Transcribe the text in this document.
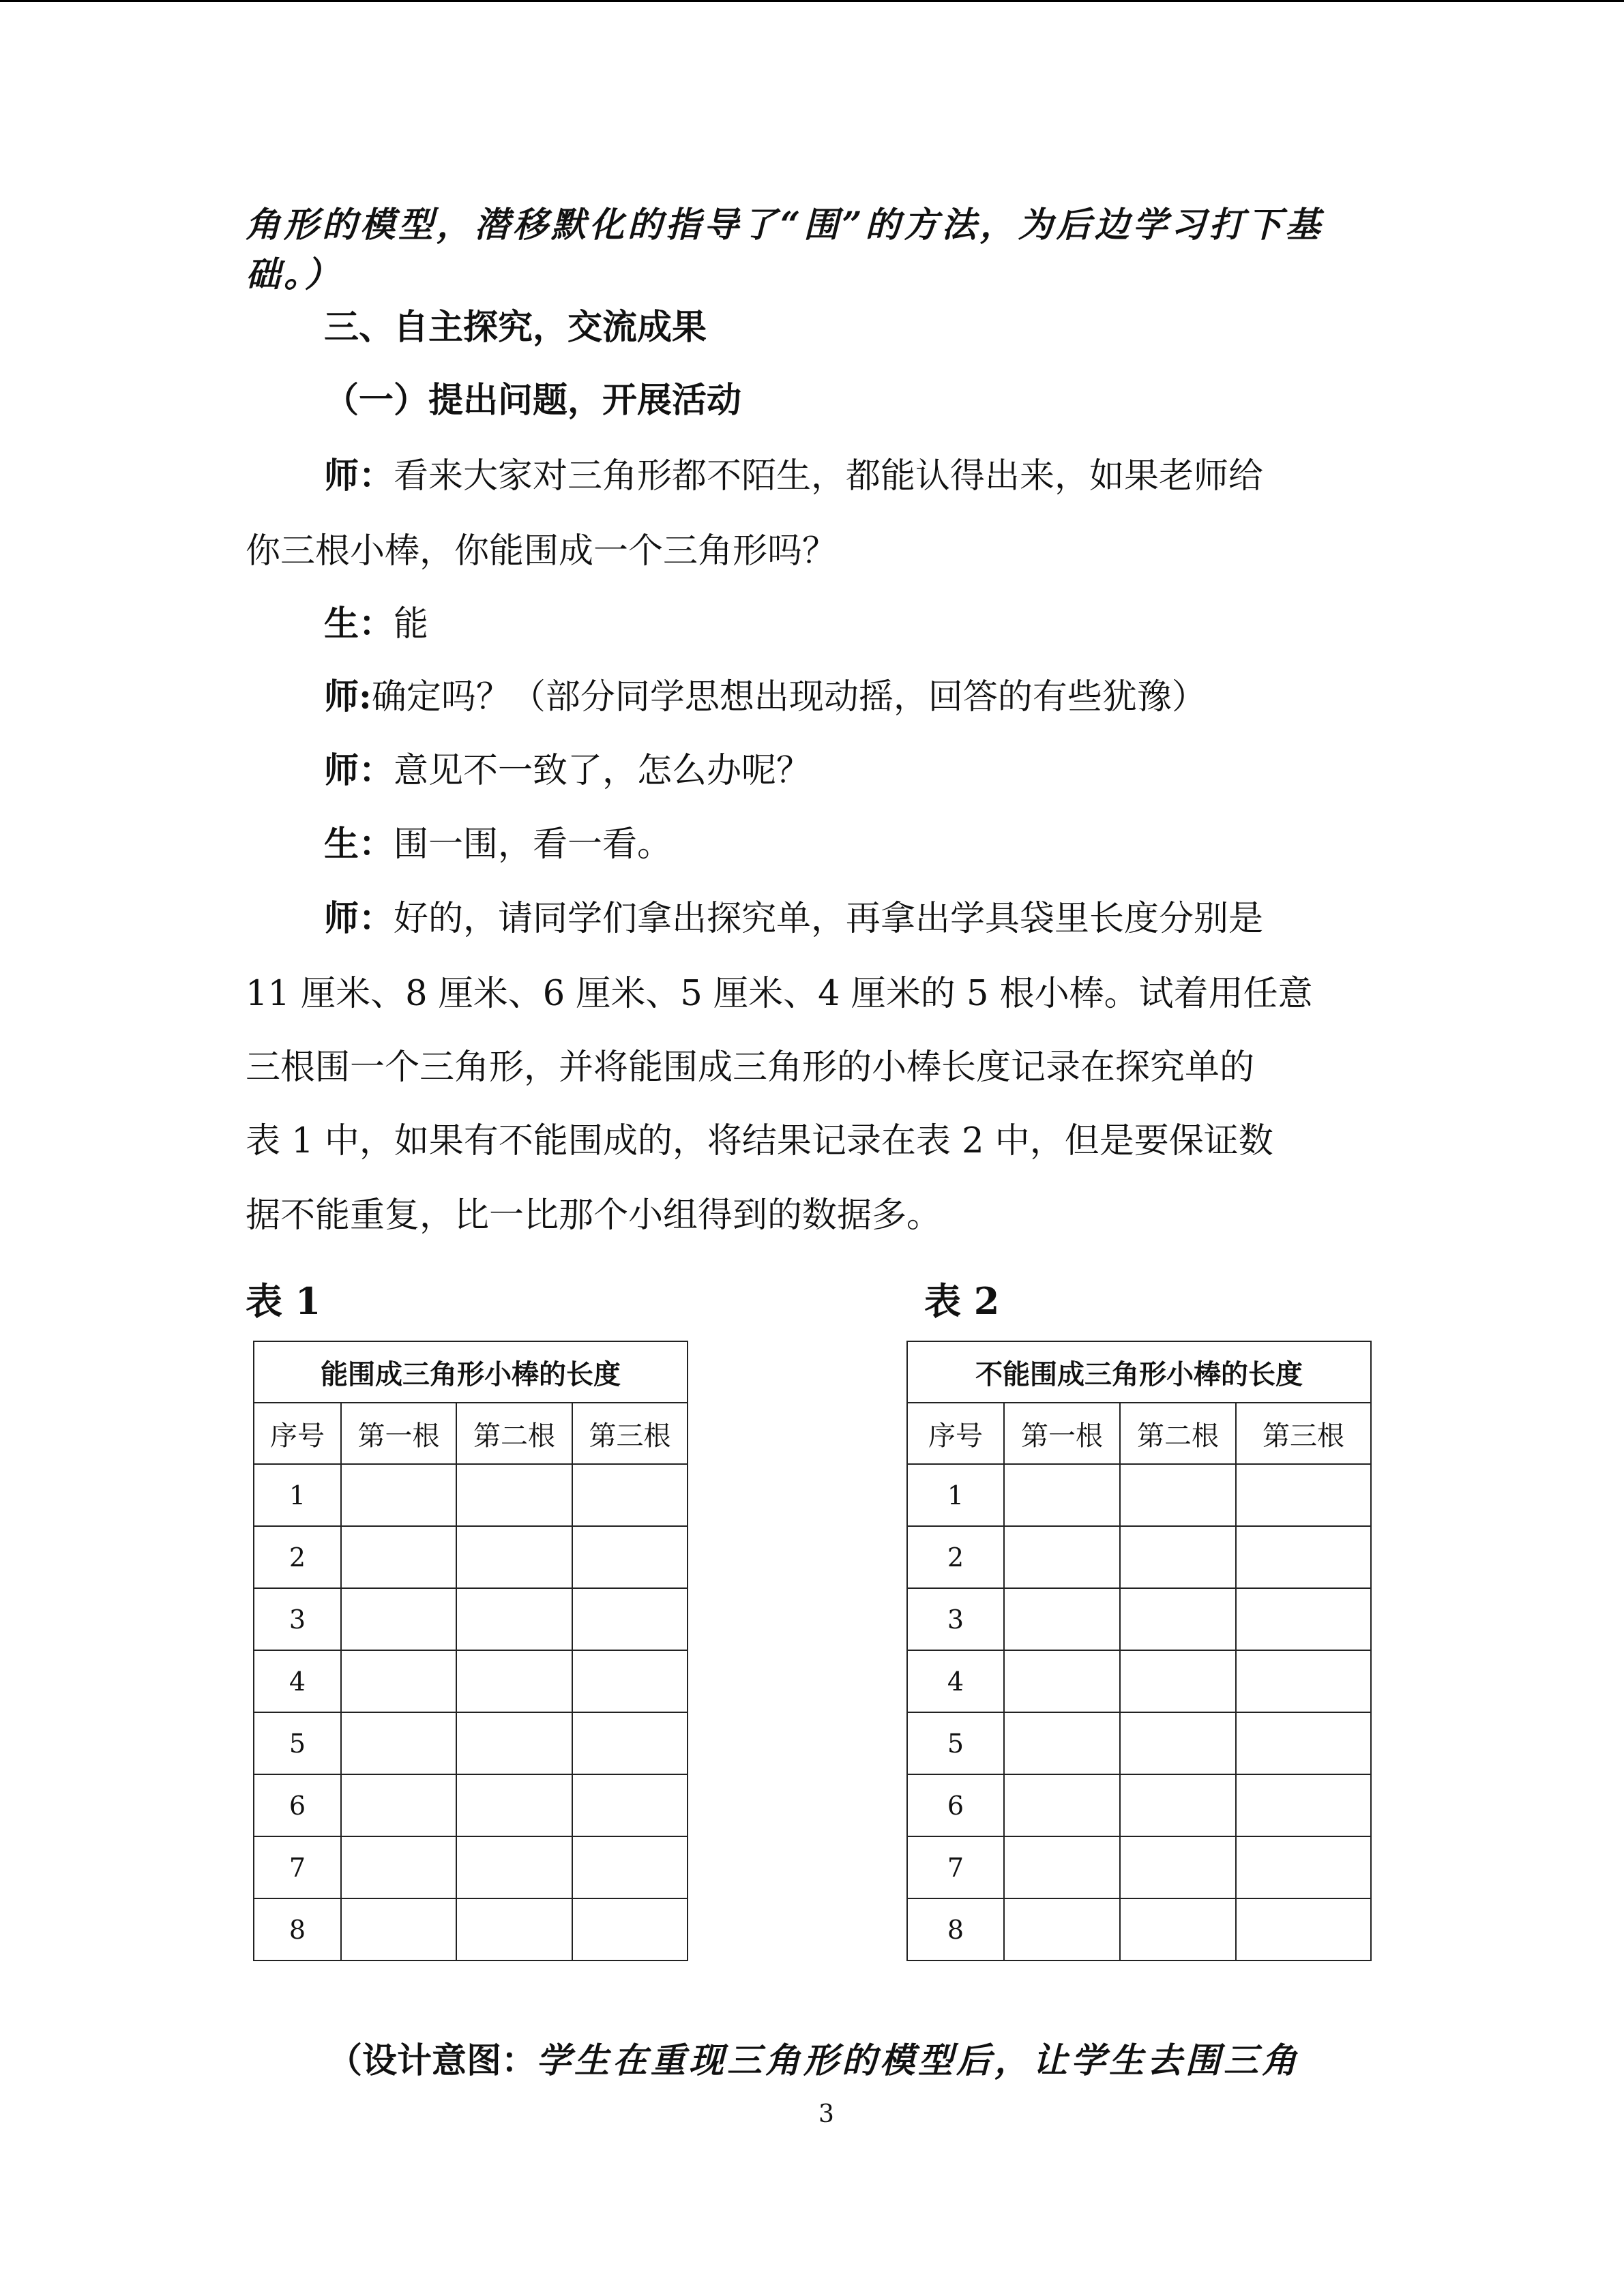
角形的模型，潜移默化的指导了“围”的方法，为后边学习打下基
础。）
三、自主探究，交流成果
（一）提出问题，开展活动
师：看来大家对三角形都不陌生，都能认得出来，如果老师给
你三根小棒，你能围成一个三角形吗？
生：能
师:确定吗？（部分同学思想出现动摇，回答的有些犹豫）
师：意见不一致了，怎么办呢？
生：围一围，看一看。
师：好的，请同学们拿出探究单，再拿出学具袋里长度分别是
11 厘米、8 厘米、6 厘米、5 厘米、4 厘米的 5 根小棒。试着用任意
三根围一个三角形，并将能围成三角形的小棒长度记录在探究单的
表 1 中，如果有不能围成的，将结果记录在表 2 中，但是要保证数
据不能重复，比一比那个小组得到的数据多。
表 1	表 2
能围成三角形小棒的长度			
序号	第一根	第二根	第三根
1			
2			
3			
4			
5			
6			
7			
8			
不能围成三角形小棒的长度			
序号	第一根	第二根	第三根
1			
2			
3			
4			
5			
6			
7			
8			
（设计意图：学生在重现三角形的模型后，让学生去围三角
3
